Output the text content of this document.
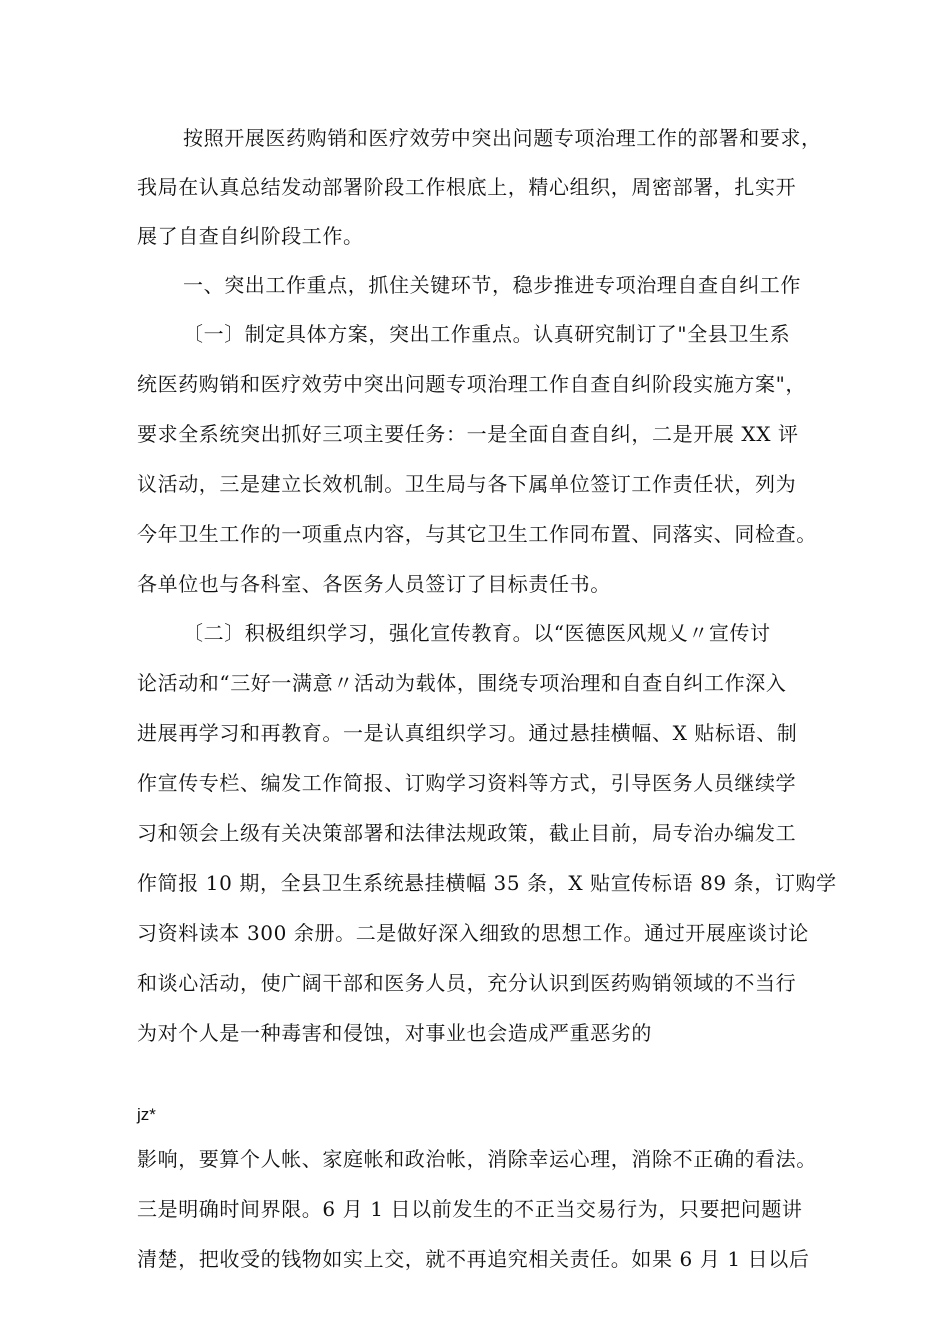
按照开展医药购销和医疗效劳中突出问题专项治理工作的部署和要求，
我局在认真总结发动部署阶段工作根底上，精心组织，周密部署，扎实开
展了自查自纠阶段工作。
一、突出工作重点，抓住关键环节，稳步推进专项治理自查自纠工作
〔一〕制定具体方案，突出工作重点。认真研究制订了"全县卫生系
统医药购销和医疗效劳中突出问题专项治理工作自查自纠阶段实施方案"，
要求全系统突出抓好三项主要任务：一是全面自查自纠，二是开展 XX 评
议活动，三是建立长效机制。卫生局与各下属单位签订工作责任状，列为
今年卫生工作的一项重点内容，与其它卫生工作同布置、同落实、同检查。
各单位也与各科室、各医务人员签订了目标责任书。
〔二〕积极组织学习，强化宣传教育。以“医德医风规乂〃宣传讨
论活动和“三好一满意〃活动为载体，围绕专项治理和自查自纠工作深入
进展再学习和再教育。一是认真组织学习。通过悬挂横幅、X 贴标语、制
作宣传专栏、编发工作简报、订购学习资料等方式，引导医务人员继续学
习和领会上级有关决策部署和法律法规政策，截止目前，局专治办编发工
作简报 10 期，全县卫生系统悬挂横幅 35 条，X 贴宣传标语 89 条，订购学
习资料读本 300 余册。二是做好深入细致的思想工作。通过开展座谈讨论
和谈心活动，使广阔干部和医务人员，充分认识到医药购销领域的不当行
为对个人是一种毒害和侵蚀，对事业也会造成严重恶劣的
jz*
影响，要算个人帐、家庭帐和政治帐，消除幸运心理，消除不正确的看法。
三是明确时间界限。6 月 1 日以前发生的不正当交易行为，只要把问题讲
清楚，把收受的钱物如实上交，就不再追究相关责任。如果 6 月 1 日以后
